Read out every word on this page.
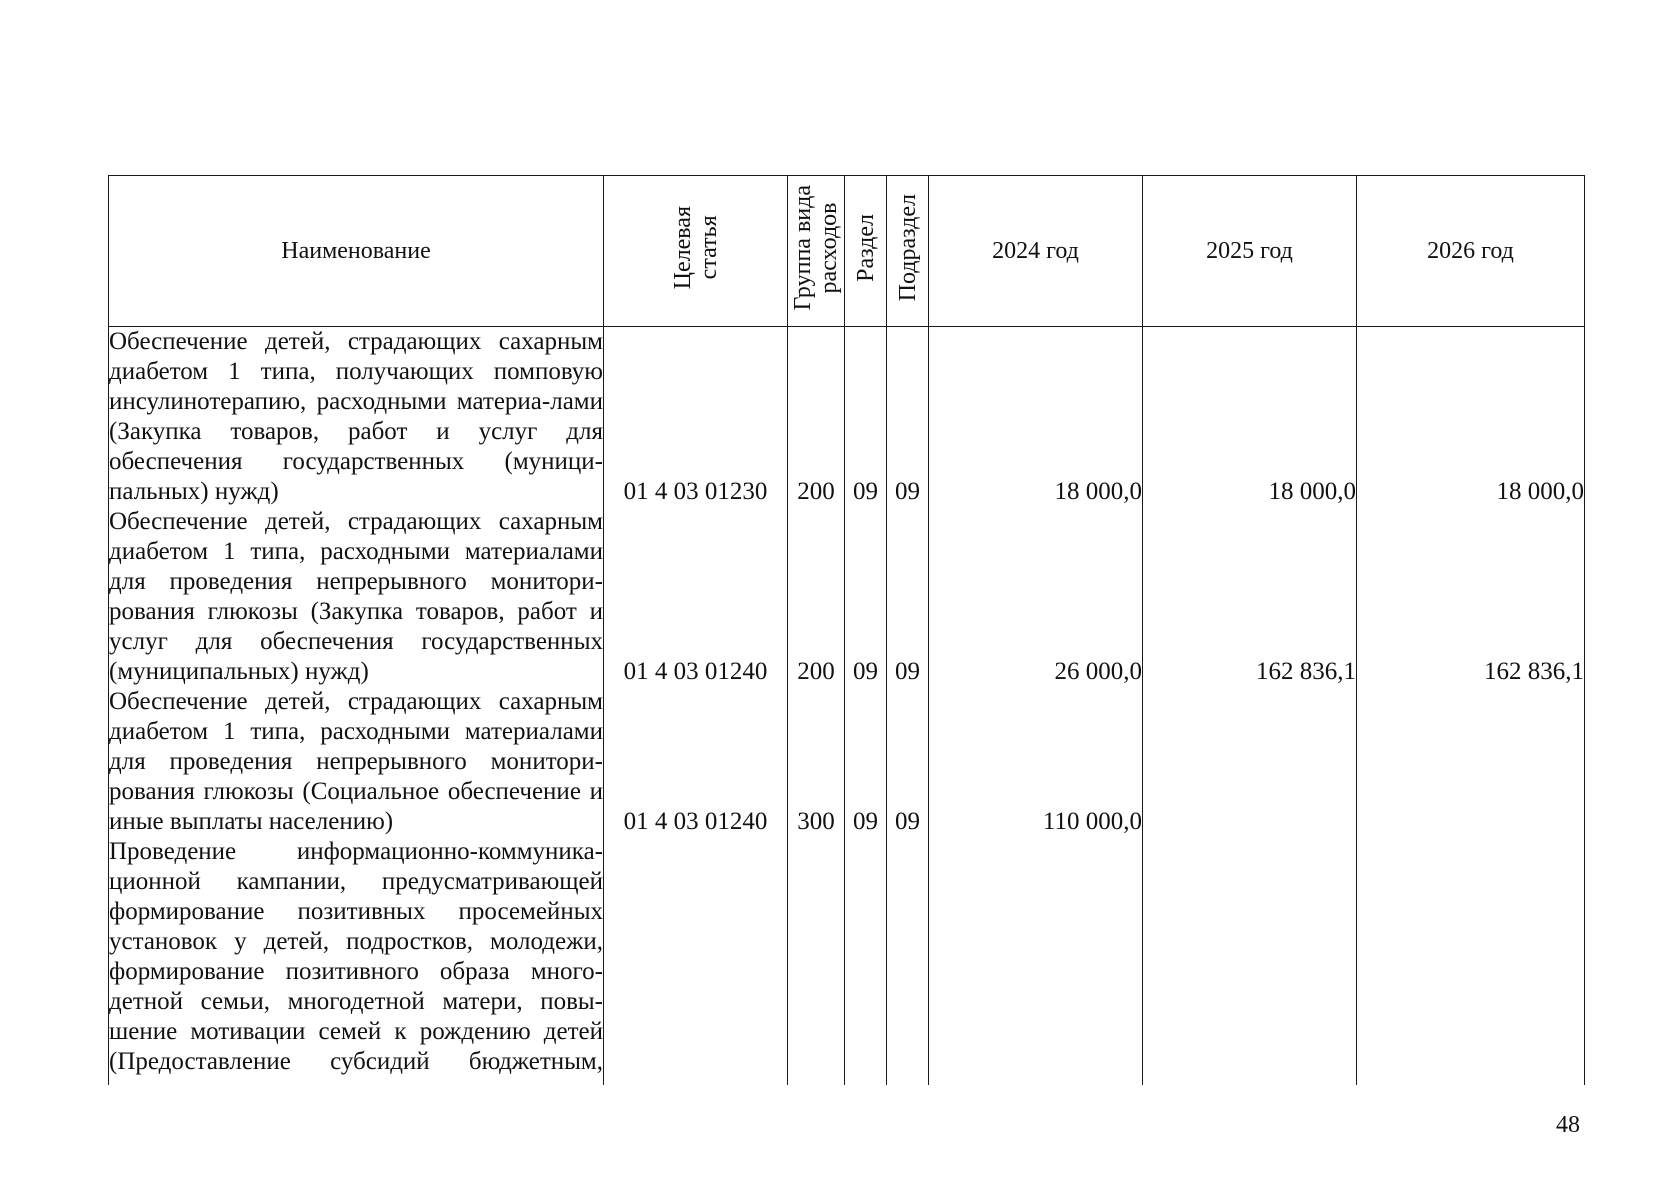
Наименование	Целевая статья	Группа вида расходов	Раздел	Подраздел	2024 год	2025 год	2026 год
Обеспечение детей, страдающих сахарным диабетом 1 типа, получающих помповую инсулинотерапию, расходными материа-лами (Закупка товаров, работ и услуг для обеспечения государственных (муници-пальных) нужд)	01 4 03 01230	200	09	09	18 000,0	18 000,0	18 000,0
Обеспечение детей, страдающих сахарным диабетом 1 типа, расходными материалами для проведения непрерывного монитори-рования глюкозы (Закупка товаров, работ и услуг для обеспечения государственных (муниципальных) нужд)	01 4 03 01240	200	09	09	26 000,0	162 836,1	162 836,1
Обеспечение детей, страдающих сахарным диабетом 1 типа, расходными материалами для проведения непрерывного монитори-рования глюкозы (Социальное обеспечение и иные выплаты населению)	01 4 03 01240	300	09	09	110 000,0		
Проведение информационно-коммуника-ционной кампании, предусматривающей формирование позитивных просемейных установок у детей, подростков, молодежи, формирование позитивного образа много-детной семьи, многодетной матери, повы-шение мотивации семей к рождению детей (Предоставление субсидий бюджетным,							
48
